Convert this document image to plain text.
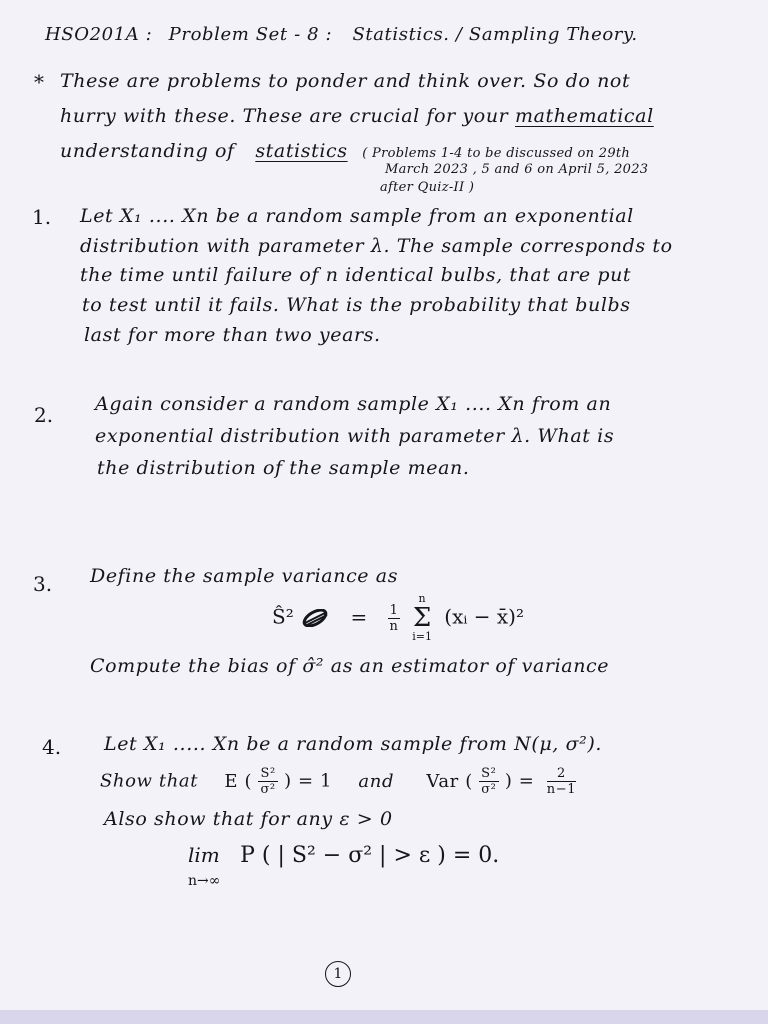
HSO201A : Problem Set - 8 : Statistics. / Sampling Theory.
* These are problems to ponder and think over. So do not
hurry with these. These are crucial for your mathematical
understanding of statistics ( Problems 1-4 to be discussed on 29th
March 2023 , 5 and 6 on April 5, 2023
after Quiz-II )
1. Let X₁ .... Xn be a random sample from an exponential
distribution with parameter λ. The sample corresponds to
the time until failure of n identical bulbs, that are put
to test until it fails. What is the probability that bulbs
last for more than two years.
2. Again consider a random sample X₁ .... Xn from an
exponential distribution with parameter λ. What is
the distribution of the sample mean.
3. Define the sample variance as
Ŝ²	= $\frac{1}{n}$

n
Σ
i=1
(xᵢ − x̄)²
Compute the bias of σ̂² as an estimator of variance
4. Let X₁ ..... Xn be a random sample from N(μ, σ²).
Show that E ( $\frac{\text{S²}}{\text{σ²}}$ ) = 1 and Var ( $\frac{\text{S²}}{\text{σ²}}$ ) = $\frac{2}{n-1}$
Also show that for any ε > 0
lim P ( | S² − σ² | > ε ) = 0.
n→∞
1
